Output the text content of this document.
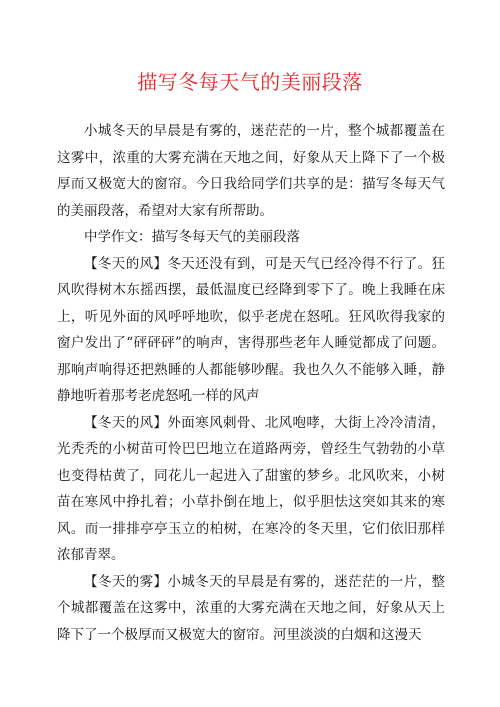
描写冬每天气的美丽段落

小城冬天的早晨是有雾的，迷茫茫的一片，整个城都覆盖在这雾中，浓重的大雾充满在天地之间，好象从天上降下了一个极厚而又极宽大的窗帘。今日我给同学们共享的是：描写冬每天气的美丽段落，希望对大家有所帮助。

中学作文：描写冬每天气的美丽段落

【冬天的风】冬天还没有到，可是天气已经冷得不行了。狂风吹得树木东摇西摆，最低温度已经降到零下了。晚上我睡在床上，听见外面的风呼呼地吹，似乎老虎在怒吼。狂风吹得我家的窗户发出了“砰砰砰”的响声，害得那些老年人睡觉都成了问题。那响声响得还把熟睡的人都能够吵醒。我也久久不能够入睡，静静地听着那考老虎怒吼一样的风声

【冬天的风】外面寒风刺骨、北风咆哮，大街上冷冷清清，光秃秃的小树苗可怜巴巴地立在道路两旁，曾经生气勃勃的小草也变得枯黄了，同花儿一起进入了甜蜜的梦乡。北风吹来，小树苗在寒风中挣扎着；小草扑倒在地上，似乎胆怯这突如其来的寒风。而一排排亭亭玉立的柏树，在寒冷的冬天里，它们依旧那样浓郁青翠。

【冬天的雾】小城冬天的早晨是有雾的，迷茫茫的一片，整个城都覆盖在这雾中，浓重的大雾充满在天地之间，好象从天上降下了一个极厚而又极宽大的窗帘。河里淡淡的白烟和这漫天
